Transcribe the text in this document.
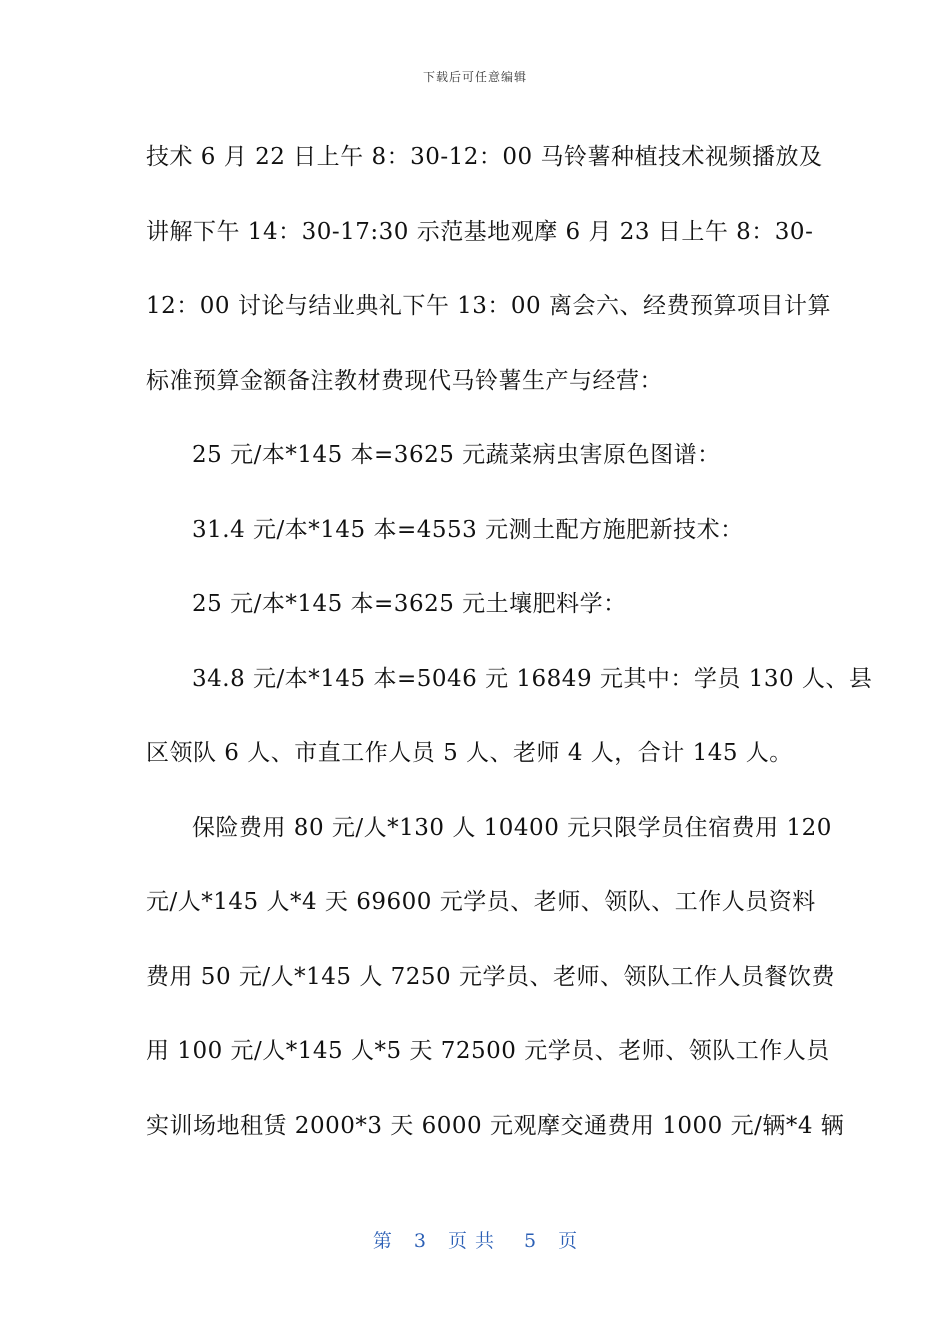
下载后可任意编辑

技术 6 月 22 日上午 8：30-12：00 马铃薯种植技术视频播放及

讲解下午 14：30-17:30 示范基地观摩 6 月 23 日上午 8：30-

12：00 讨论与结业典礼下午 13：00 离会六、经费预算项目计算

标准预算金额备注教材费现代马铃薯生产与经营：

25 元/本*145 本=3625 元蔬菜病虫害原色图谱：

31.4 元/本*145 本=4553 元测土配方施肥新技术：

25 元/本*145 本=3625 元土壤肥料学：

34.8 元/本*145 本=5046 元 16849 元其中：学员 130 人、县

区领队 6 人、市直工作人员 5 人、老师 4 人，合计 145 人。

保险费用 80 元/人*130 人 10400 元只限学员住宿费用 120

元/人*145 人*4 天 69600 元学员、老师、领队、工作人员资料

费用 50 元/人*145 人 7250 元学员、老师、领队工作人员餐饮费

用 100 元/人*145 人*5 天 72500 元学员、老师、领队工作人员

实训场地租赁 2000*3 天 6000 元观摩交通费用 1000 元/辆*4 辆

第 3 页共 5 页
